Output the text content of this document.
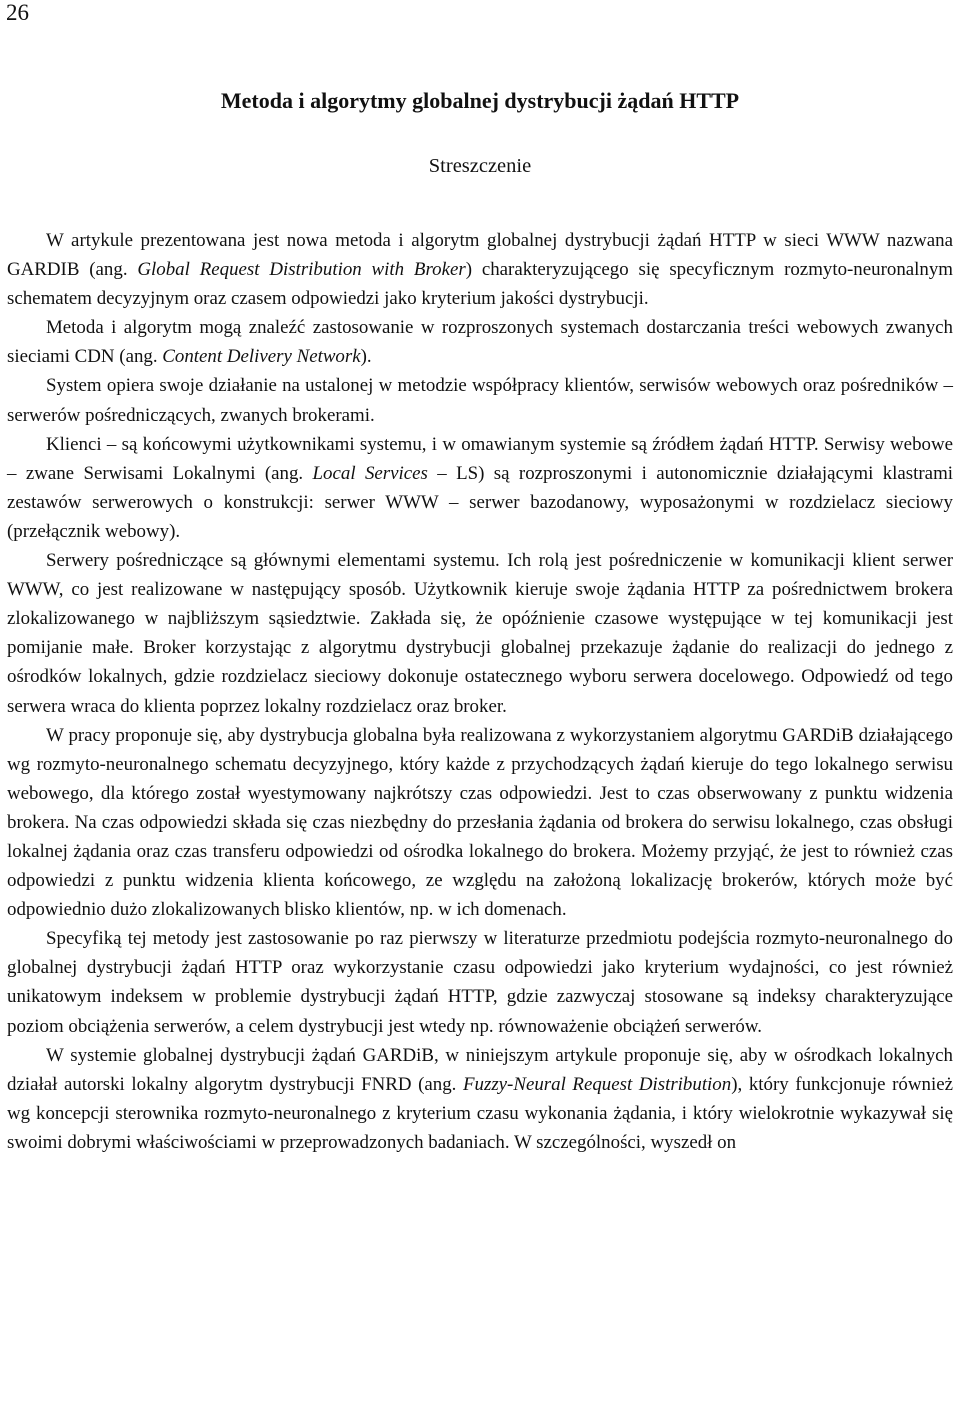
26
Metoda i algorytmy globalnej dystrybucji żądań HTTP
Streszczenie

W artykule prezentowana jest nowa metoda i algorytm globalnej dystrybucji żądań HTTP w sieci WWW nazwana GARDIB (ang. Global Request Distribution with Broker) charakteryzującego się specyficznym rozmyto-neuronalnym schematem decyzyjnym oraz czasem odpowiedzi jako kryterium jakości dystrybucji.

Metoda i algorytm mogą znaleźć zastosowanie w rozproszonych systemach dostarczania treści webowych zwanych sieciami CDN (ang. Content Delivery Network).

System opiera swoje działanie na ustalonej w metodzie współpracy klientów, serwisów webowych oraz pośredników – serwerów pośredniczących, zwanych brokerami.

Klienci – są końcowymi użytkownikami systemu, i w omawianym systemie są źródłem żądań HTTP. Serwisy webowe – zwane Serwisami Lokalnymi (ang. Local Services – LS) są rozproszonymi i autonomicznie działającymi klastrami zestawów serwerowych o konstrukcji: serwer WWW – serwer bazodanowy, wyposażonymi w rozdzielacz sieciowy (przełącznik webowy).

Serwery pośredniczące są głównymi elementami systemu. Ich rolą jest pośredniczenie w komunikacji klient serwer WWW, co jest realizowane w następujący sposób. Użytkownik kieruje swoje żądania HTTP za pośrednictwem brokera zlokalizowanego w najbliższym sąsiedztwie. Zakłada się, że opóźnienie czasowe występujące w tej komunikacji jest pomijanie małe. Broker korzystając z algorytmu dystrybucji globalnej przekazuje żądanie do realizacji do jednego z ośrodków lokalnych, gdzie rozdzielacz sieciowy dokonuje ostatecznego wyboru serwera docelowego. Odpowiedź od tego serwera wraca do klienta poprzez lokalny rozdzielacz oraz broker.

W pracy proponuje się, aby dystrybucja globalna była realizowana z wykorzystaniem algorytmu GARDiB działającego wg rozmyto-neuronalnego schematu decyzyjnego, który każde z przychodzących żądań kieruje do tego lokalnego serwisu webowego, dla którego został wyestymowany najkrótszy czas odpowiedzi. Jest to czas obserwowany z punktu widzenia brokera. Na czas odpowiedzi składa się czas niezbędny do przesłania żądania od brokera do serwisu lokalnego, czas obsługi lokalnej żądania oraz czas transferu odpowiedzi od ośrodka lokalnego do brokera. Możemy przyjąć, że jest to również czas odpowiedzi z punktu widzenia klienta końcowego, ze względu na założoną lokalizację brokerów, których może być odpowiednio dużo zlokalizowanych blisko klientów, np. w ich domenach.

Specyfiką tej metody jest zastosowanie po raz pierwszy w literaturze przedmiotu podejścia rozmyto-neuronalnego do globalnej dystrybucji żądań HTTP oraz wykorzystanie czasu odpowiedzi jako kryterium wydajności, co jest również unikatowym indeksem w problemie dystrybucji żądań HTTP, gdzie zazwyczaj stosowane są indeksy charakteryzujące poziom obciążenia serwerów, a celem dystrybucji jest wtedy np. równoważenie obciążeń serwerów.

W systemie globalnej dystrybucji żądań GARDiB, w niniejszym artykule proponuje się, aby w ośrodkach lokalnych działał autorski lokalny algorytm dystrybucji FNRD (ang. Fuzzy-Neural Request Distribution), który funkcjonuje również wg koncepcji sterownika rozmyto-neuronalnego z kryterium czasu wykonania żądania, i który wielokrotnie wykazywał się swoimi dobrymi właściwościami w przeprowadzonych badaniach. W szczególności, wyszedł on
